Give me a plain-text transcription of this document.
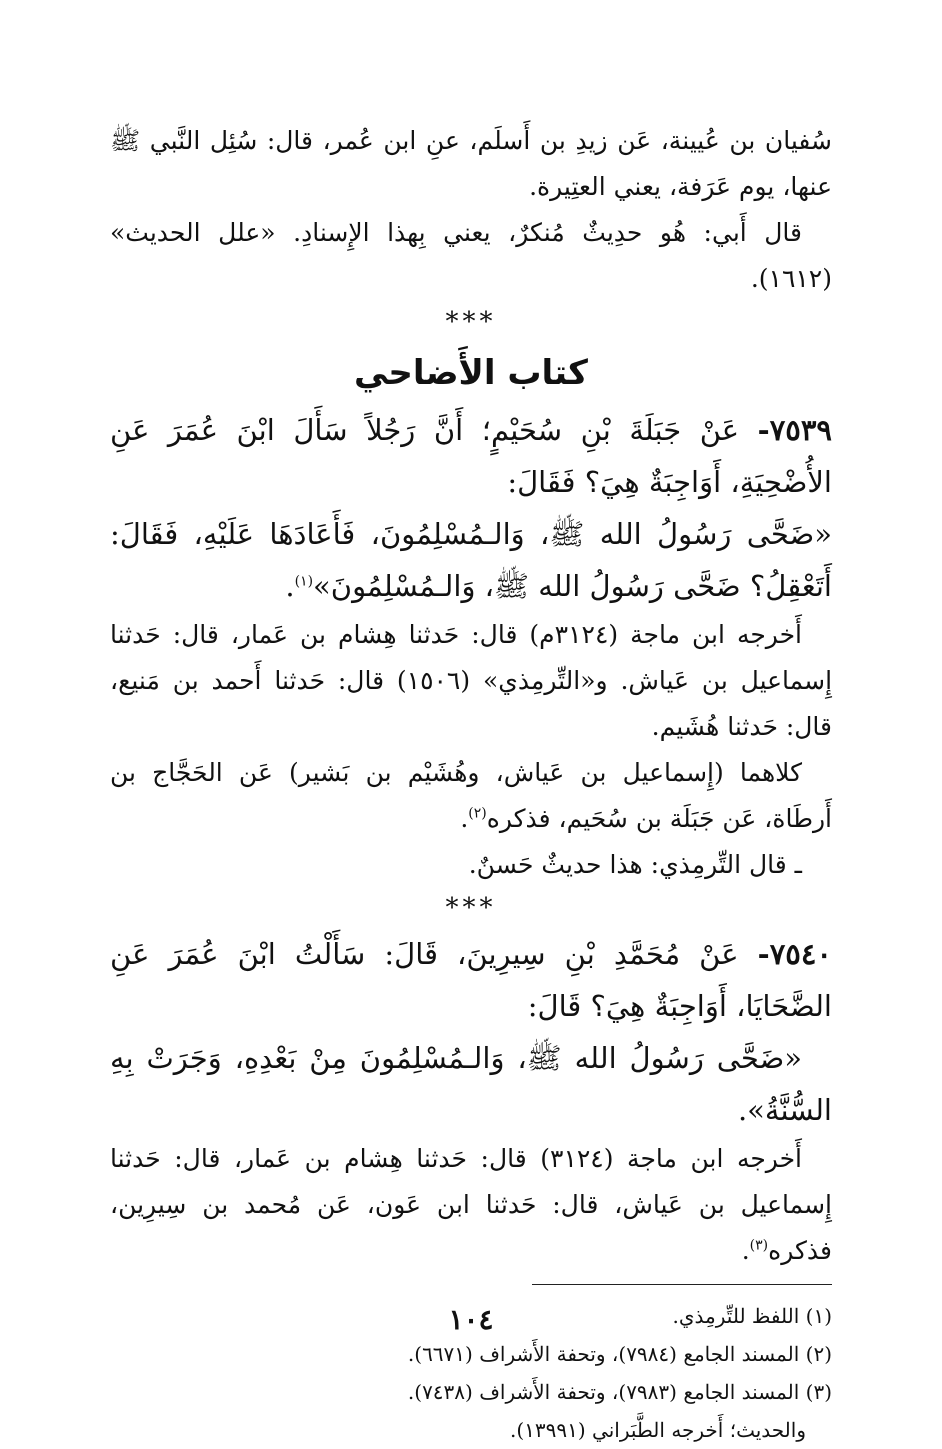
سُفيان بن عُيينة، عَن زيدِ بن أَسلَم، عنِ ابن عُمر، قال: سُئِل النَّبي ﷺ عنها، يوم عَرَفة، يعني العتِيرة.

قال أَبي: هُو حدِيثٌ مُنكرٌ، يعني بِهذا الإِسنادِ. «علل الحديث» (١٦١٢).

***

كتاب الأَضاحي

٧٥٣٩- عَنْ جَبَلَةَ بْنِ سُحَيْمٍ؛ أَنَّ رَجُلاً سَأَلَ ابْنَ عُمَرَ عَنِ الأُضْحِيَةِ، أَوَاجِبَةٌ هِيَ؟ فَقَالَ:

«ضَحَّى رَسُولُ الله ﷺ، وَالـمُسْلِمُونَ، فَأَعَادَهَا عَلَيْهِ، فَقَالَ: أَتَعْقِلُ؟ ضَحَّى رَسُولُ الله ﷺ، وَالـمُسْلِمُونَ»$^{(١)}$.

أَخرجه ابن ماجة (٣١٢٤م) قال: حَدثنا هِشام بن عَمار، قال: حَدثنا إِسماعيل بن عَياش. و«التِّرمِذي» (١٥٠٦) قال: حَدثنا أَحمد بن مَنيع، قال: حَدثنا هُشَيم.

كلاهما (إِسماعيل بن عَياش، وهُشَيْم بن بَشير) عَن الحَجَّاج بن أَرطَاة، عَن جَبَلَة بن سُحَيم، فذكره$^{(٢)}$.

ـ قال التِّرمِذي: هذا حديثٌ حَسنٌ.

***

٧٥٤٠- عَنْ مُحَمَّدِ بْنِ سِيرِينَ، قَالَ: سَأَلْتُ ابْنَ عُمَرَ عَنِ الضَّحَايَا، أَوَاجِبَةٌ هِيَ؟ قَالَ:

«ضَحَّى رَسُولُ الله ﷺ، وَالـمُسْلِمُونَ مِنْ بَعْدِهِ، وَجَرَتْ بِهِ السُّنَّةُ».

أَخرجه ابن ماجة (٣١٢٤) قال: حَدثنا هِشام بن عَمار، قال: حَدثنا إِسماعيل بن عَياش، قال: حَدثنا ابن عَون، عَن مُحمد بن سِيرِين، فذكره$^{(٣)}$.

(١) اللفظ للتِّرمِذي.

(٢) المسند الجامع (٧٩٨٤)، وتحفة الأَشراف (٦٦٧١).

(٣) المسند الجامع (٧٩٨٣)، وتحفة الأَشراف (٧٤٣٨).

والحديث؛ أَخرجه الطَّبَراني (١٣٩٩١).

١٠٤
